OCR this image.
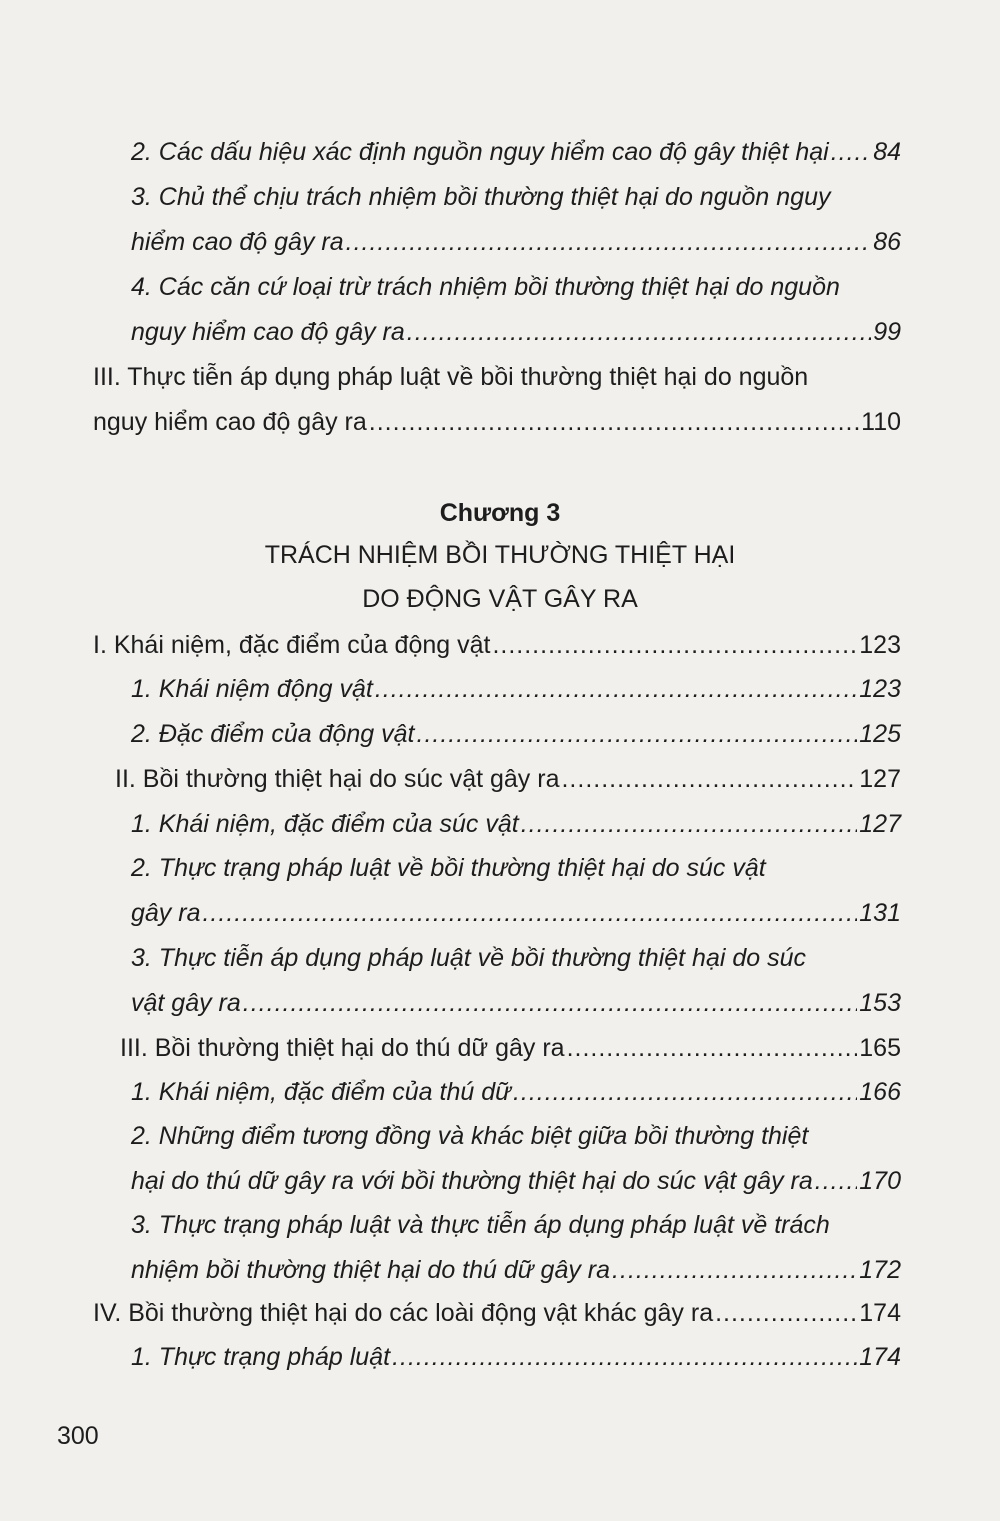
2. Các dấu hiệu xác định nguồn nguy hiểm cao độ gây thiệt hại ..... 84
3. Chủ thể chịu trách nhiệm bồi thường thiệt hại do nguồn nguy
hiểm cao độ gây ra .....	86
4. Các căn cứ loại trừ trách nhiệm bồi thường thiệt hại do nguồn
nguy hiểm cao độ gây ra .....	99
III. Thực tiễn áp dụng pháp luật về bồi thường thiệt hại do nguồn
nguy hiểm cao độ gây ra .....	110
Chương 3
TRÁCH NHIỆM BỒI THƯỜNG THIỆT HẠI
DO ĐỘNG VẬT GÂY RA
I. Khái niệm, đặc điểm của động vật .....	123
1. Khái niệm động vật .....	123
2. Đặc điểm của động vật .....	125
II. Bồi thường thiệt hại do súc vật gây ra .....	127
1. Khái niệm, đặc điểm của súc vật .....	127
2. Thực trạng pháp luật về bồi thường thiệt hại do súc vật
gây ra .....	131
3. Thực tiễn áp dụng pháp luật về bồi thường thiệt hại do súc
vật gây ra .....	153
III. Bồi thường thiệt hại do thú dữ gây ra .....	165
1. Khái niệm, đặc điểm của thú dữ .....	166
2. Những điểm tương đồng và khác biệt giữa bồi thường thiệt
hại do thú dữ gây ra với bồi thường thiệt hại do súc vật gây ra ..... 170
3. Thực trạng pháp luật và thực tiễn áp dụng pháp luật về trách
nhiệm bồi thường thiệt hại do thú dữ gây ra .....	172
IV. Bồi thường thiệt hại do các loài động vật khác gây ra .....	174
1. Thực trạng pháp luật .....	174
300
